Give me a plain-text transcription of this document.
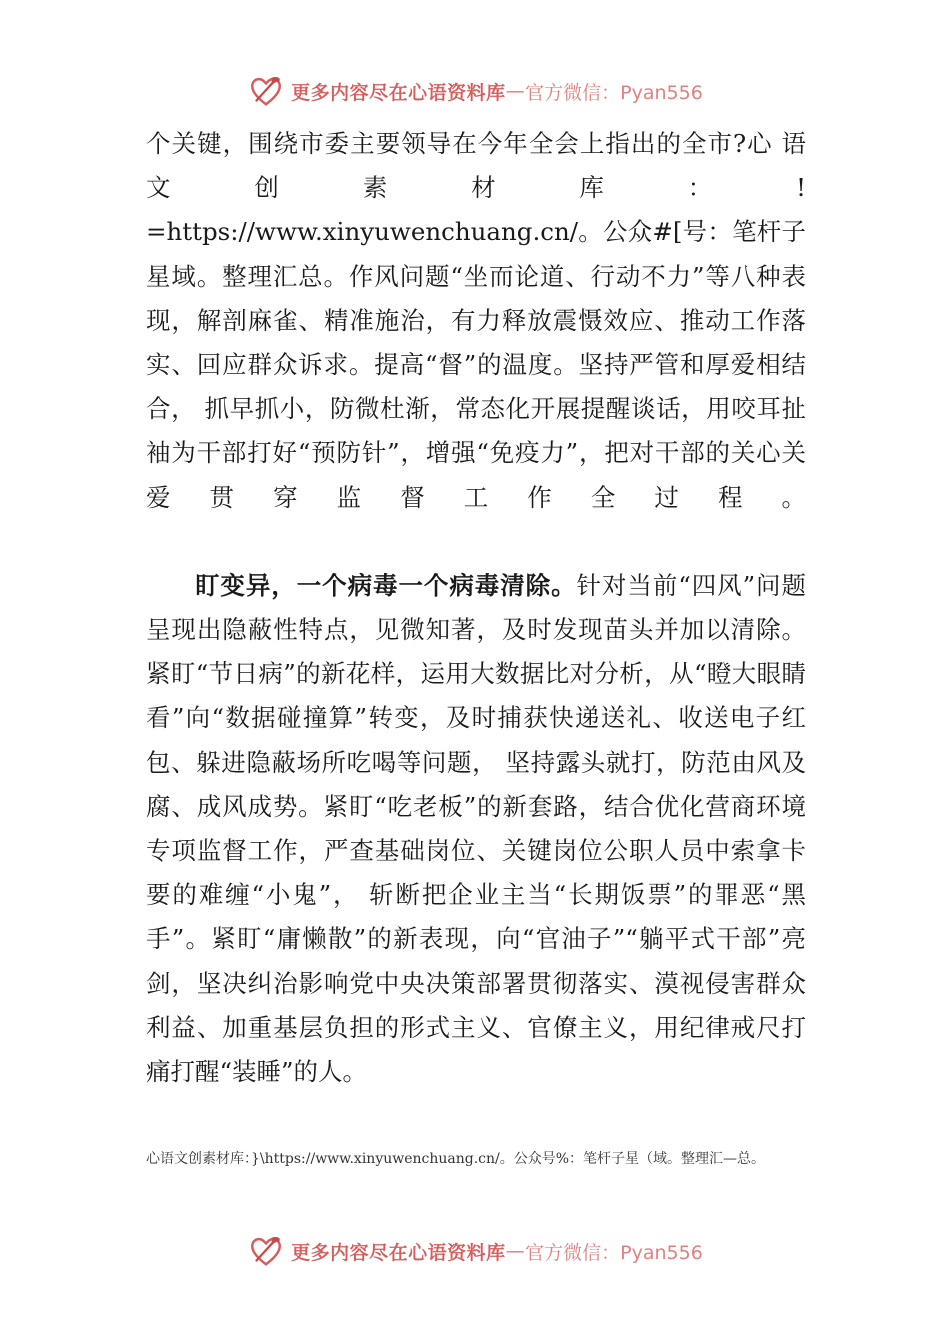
更多内容尽在心语资料库 — 官方微信：Pyan556

个关键，围绕市委主要领导在今年全会上指出的全市?心 语 文 创 素 材 库 ： ! =https://www.xinyuwenchuang.cn/。公众#[号：笔杆子星域。整理汇总。作风问题“坐而论道、行动不力”等八种表现，解剖麻雀、精准施治，有力释放震慑效应、推动工作落实、回应群众诉求。提高“督”的温度。坚持严管和厚爱相结合， 抓早抓小，防微杜渐，常态化开展提醒谈话，用咬耳扯袖为干部打好“预防针”，增强“免疫力”，把对干部的关心关爱贯穿监督工作全过程。

盯变异，一个病毒一个病毒清除。针对当前“四风”问题呈现出隐蔽性特点，见微知著，及时发现苗头并加以清除。紧盯“节日病”的新花样，运用大数据比对分析，从“瞪大眼睛看”向“数据碰撞算”转变，及时捕获快递送礼、收送电子红包、躲进隐蔽场所吃喝等问题， 坚持露头就打，防范由风及腐、成风成势。紧盯“吃老板”的新套路，结合优化营商环境专项监督工作，严查基础岗位、关键岗位公职人员中索拿卡要的难缠“小鬼”， 斩断把企业主当“长期饭票”的罪恶“黑手”。紧盯“庸懒散”的新表现，向“官油子”“躺平式干部”亮剑，坚决纠治影响党中央决策部署贯彻落实、漠视侵害群众利益、加重基层负担的形式主义、官僚主义，用纪律戒尺打痛打醒“装睡”的人。

心语文创素材库：}\https://www.xinyuwenchuang.cn/。公众号%：笔杆子星（域。整理汇—总。
更多内容尽在心语资料库 — 官方微信：Pyan556
